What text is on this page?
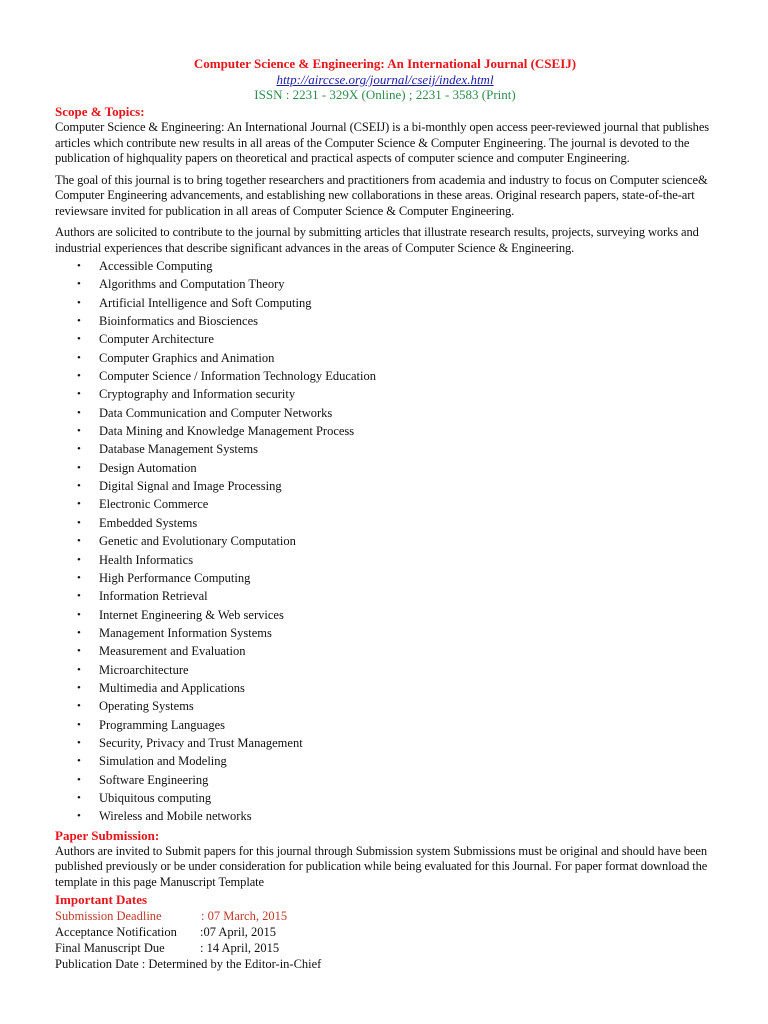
Computer Science & Engineering: An International Journal (CSEIJ)
http://airccse.org/journal/cseij/index.html
ISSN : 2231 - 329X (Online) ; 2231 - 3583 (Print)
Scope & Topics:

Computer Science & Engineering: An International Journal (CSEIJ) is a bi-monthly open access peer-reviewed journal that publishes articles which contribute new results in all areas of the Computer Science & Computer Engineering. The journal is devoted to the publication of highquality papers on theoretical and practical aspects of computer science and computer Engineering.

The goal of this journal is to bring together researchers and practitioners from academia and industry to focus on Computer science& Computer Engineering advancements, and establishing new collaborations in these areas. Original research papers, state-of-the-art reviewsare invited for publication in all areas of Computer Science & Computer Engineering.

Authors are solicited to contribute to the journal by submitting articles that illustrate research results, projects, surveying works and industrial experiences that describe significant advances in the areas of Computer Science & Engineering.

• Accessible Computing
• Algorithms and Computation Theory
• Artificial Intelligence and Soft Computing
• Bioinformatics and Biosciences
• Computer Architecture
• Computer Graphics and Animation
• Computer Science / Information Technology Education
• Cryptography and Information security
• Data Communication and Computer Networks
• Data Mining and Knowledge Management Process
• Database Management Systems
• Design Automation
• Digital Signal and Image Processing
• Electronic Commerce
• Embedded Systems
• Genetic and Evolutionary Computation
• Health Informatics
• High Performance Computing
• Information Retrieval
• Internet Engineering & Web services
• Management Information Systems
• Measurement and Evaluation
• Microarchitecture
• Multimedia and Applications
• Operating Systems
• Programming Languages
• Security, Privacy and Trust Management
• Simulation and Modeling
• Software Engineering
• Ubiquitous computing
• Wireless and Mobile networks
Paper Submission:

Authors are invited to Submit papers for this journal through Submission system Submissions must be original and should have been published previously or be under consideration for publication while being evaluated for this Journal. For paper format download the template in this page Manuscript Template

Important Dates
Submission Deadline	: 07 March, 2015
Acceptance Notification	:07 April, 2015
Final Manuscript Due	: 14 April, 2015
Publication Date : Determined by the Editor-in-Chief
